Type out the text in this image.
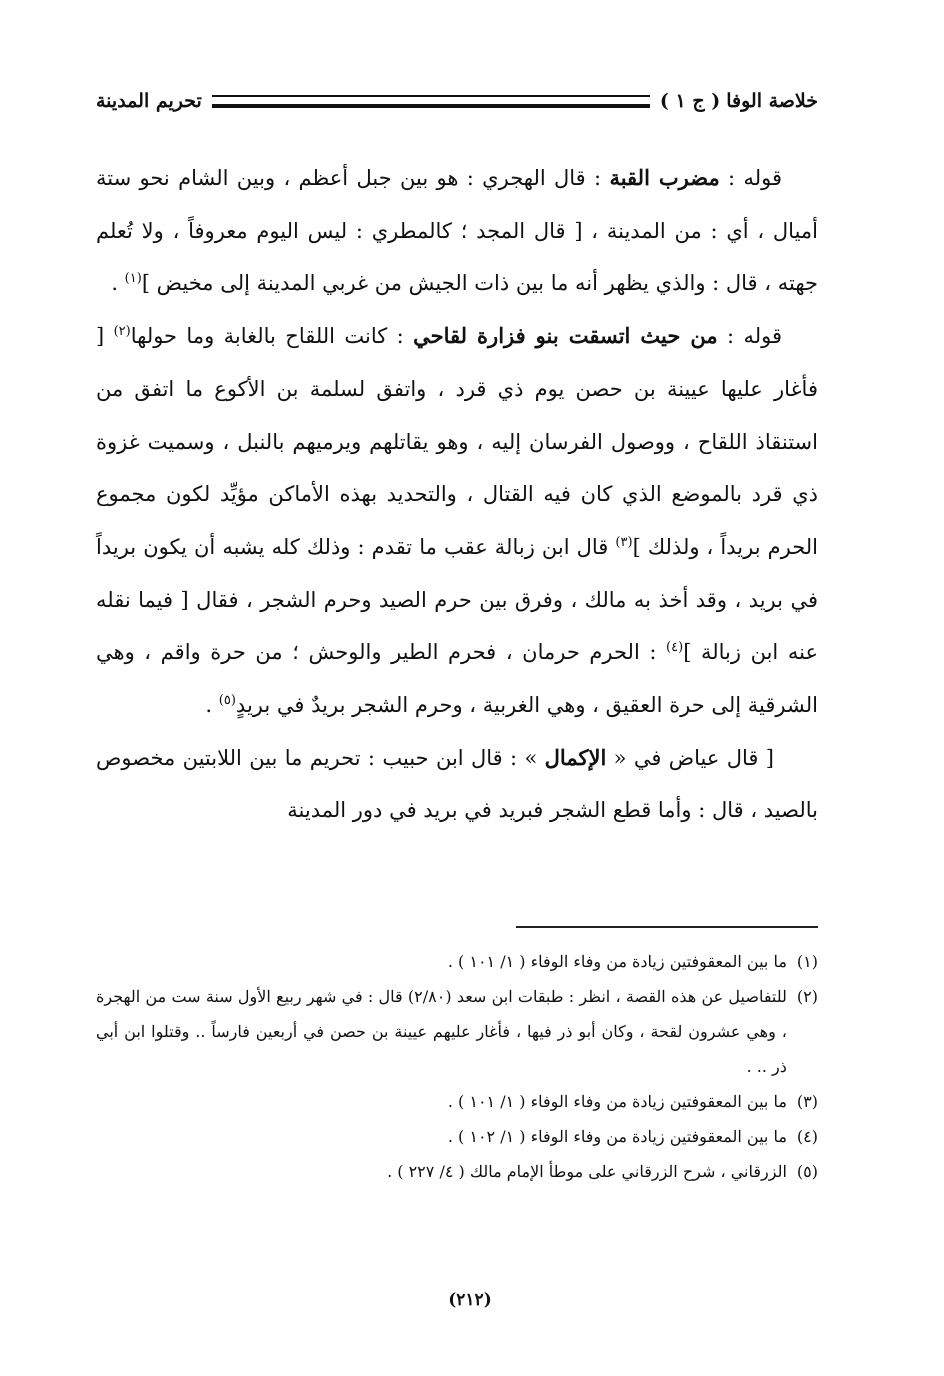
خلاصة الوفا
( ج ١ )
تحريم المدينة

قوله : مضرب القبة : قال الهجري : هو بين جبل أعظم ، وبين الشام نحو ستة أميال ، أي : من المدينة ، [ قال المجد ؛ كالمطري : ليس اليوم معروفاً ، ولا تُعلم جهته ، قال : والذي يظهر أنه ما بين ذات الجيش من غربي المدينة إلى مخيض ]$^{(١)}$ .

قوله : من حيث اتسقت بنو فزارة لقاحي : كانت اللقاح بالغابة وما حولها$^{(٢)}$ [ فأغار عليها عيينة بن حصن يوم ذي قرد ، واتفق لسلمة بن الأكوع ما اتفق من استنقاذ اللقاح ، ووصول الفرسان إليه ، وهو يقاتلهم ويرميهم بالنبل ، وسميت غزوة ذي قرد بالموضع الذي كان فيه القتال ، والتحديد بهذه الأماكن مؤيِّد لكون مجموع الحرم بريداً ، ولذلك ]$^{(٣)}$ قال ابن زبالة عقب ما تقدم : وذلك كله يشبه أن يكون بريداً في بريد ، وقد أخذ به مالك ، وفرق بين حرم الصيد وحرم الشجر ، فقال [ فيما نقله عنه ابن زبالة ]$^{(٤)}$ : الحرم حرمان ، فحرم الطير والوحش ؛ من حرة واقم ، وهي الشرقية إلى حرة العقيق ، وهي الغربية ، وحرم الشجر بريدٌ في بريدٍ$^{(٥)}$ .

[ قال عياض في « الإكمال » : قال ابن حبيب : تحريم ما بين اللابتين مخصوص بالصيد ، قال : وأما قطع الشجر فبريد في بريد في دور المدينة

(١)
ما بين المعقوفتين زيادة من وفاء الوفاء ( ١/ ١٠١ ) .
(٢)
للتفاصيل عن هذه القصة ، انظر : طبقات ابن سعد (٢/٨٠) قال : في شهر ربيع الأول سنة ست من الهجرة ، وهي عشرون لقحة ، وكان أبو ذر فيها ، فأغار عليهم عيينة بن حصن في أربعين فارساً .. وقتلوا ابن أبي ذر .. .
(٣)
ما بين المعقوفتين زيادة من وفاء الوفاء ( ١/ ١٠١ ) .
(٤)
ما بين المعقوفتين زيادة من وفاء الوفاء ( ١/ ١٠٢ ) .
(٥)
الزرقاني ، شرح الزرقاني على موطأ الإمام مالك ( ٤/ ٢٢٧ ) .
(٢١٢)
